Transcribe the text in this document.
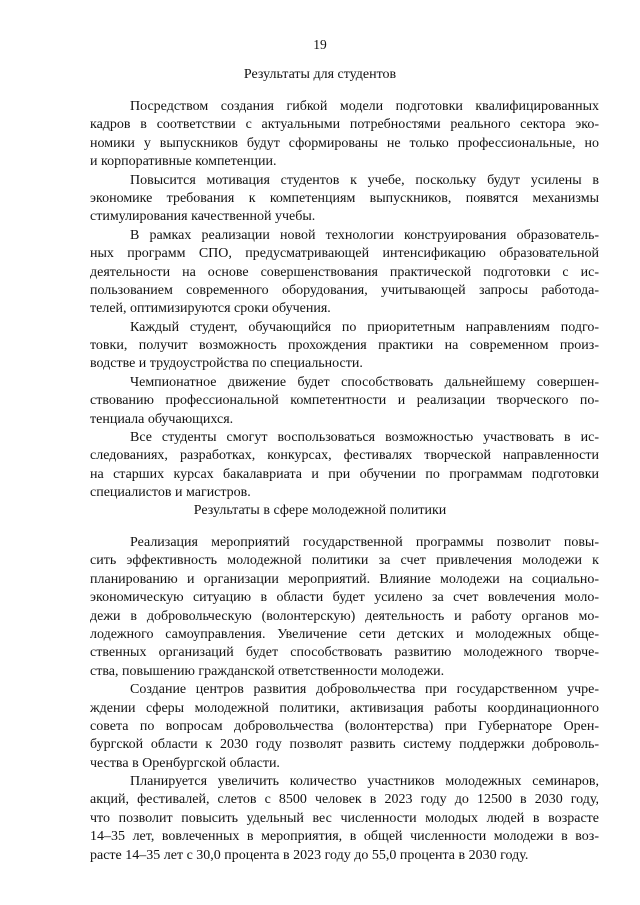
19
Результаты для студентов
Посредством создания гибкой модели подготовки квалифицированных
кадров в соответствии с актуальными потребностями реального сектора эко-
номики у выпускников будут сформированы не только профессиональные, но
и корпоративные компетенции.
Повысится мотивация студентов к учебе, поскольку будут усилены в
экономике требования к компетенциям выпускников, появятся механизмы
стимулирования качественной учебы.
В рамках реализации новой технологии конструирования образователь-
ных программ СПО, предусматривающей интенсификацию образовательной
деятельности на основе совершенствования практической подготовки с ис-
пользованием современного оборудования, учитывающей запросы работода-
телей, оптимизируются сроки обучения.
Каждый студент, обучающийся по приоритетным направлениям подго-
товки, получит возможность прохождения практики на современном произ-
водстве и трудоустройства по специальности.
Чемпионатное движение будет способствовать дальнейшему совершен-
ствованию профессиональной компетентности и реализации творческого по-
тенциала обучающихся.
Все студенты смогут воспользоваться возможностью участвовать в ис-
следованиях, разработках, конкурсах, фестивалях творческой направленности
на старших курсах бакалавриата и при обучении по программам подготовки
специалистов и магистров.
Результаты в сфере молодежной политики
Реализация мероприятий государственной программы позволит повы-
сить эффективность молодежной политики за счет привлечения молодежи к
планированию и организации мероприятий. Влияние молодежи на социально-
экономическую ситуацию в области будет усилено за счет вовлечения моло-
дежи в добровольческую (волонтерскую) деятельность и работу органов мо-
лодежного самоуправления. Увеличение сети детских и молодежных обще-
ственных организаций будет способствовать развитию молодежного творче-
ства, повышению гражданской ответственности молодежи.
Создание центров развития добровольчества при государственном учре-
ждении сферы молодежной политики, активизация работы координационного
совета по вопросам добровольчества (волонтерства) при Губернаторе Орен-
бургской области к 2030 году позволят развить систему поддержки доброволь-
чества в Оренбургской области.
Планируется увеличить количество участников молодежных семинаров,
акций, фестивалей, слетов с 8500 человек в 2023 году до 12500 в 2030 году,
что позволит повысить удельный вес численности молодых людей в возрасте
14–35 лет, вовлеченных в мероприятия, в общей численности молодежи в воз-
расте 14–35 лет с 30,0 процента в 2023 году до 55,0 процента в 2030 году.
